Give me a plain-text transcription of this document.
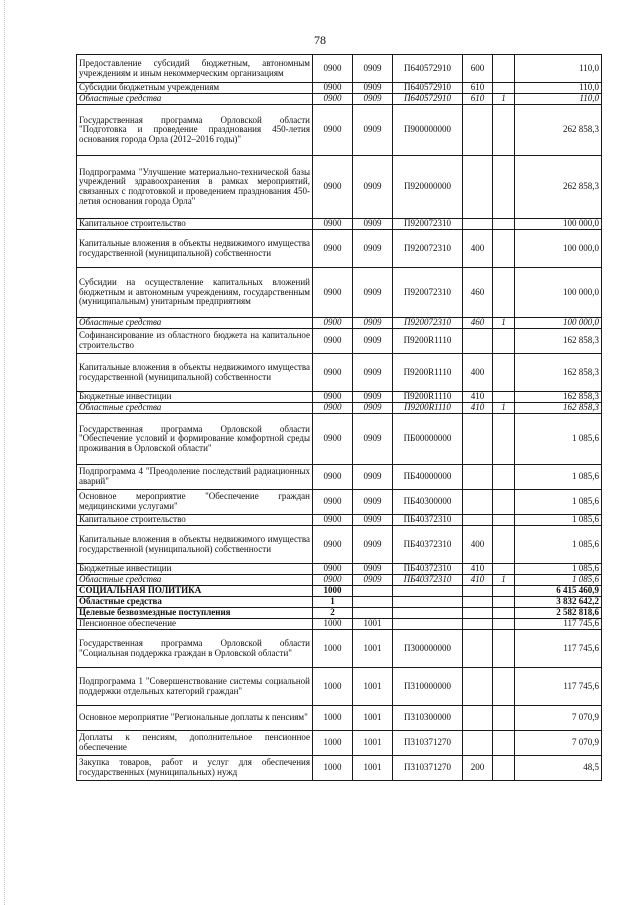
78
Предоставление субсидий бюджетным, автономным учреждениям и иным некоммерческим организациям	0900	0909	П640572910	600		110,0
Субсидии бюджетным учреждениям	0900	0909	П640572910	610		110,0
Областные средства	0900	0909	П640572910	610	1	110,0
Государственная программа Орловской области "Подготовка и проведение празднования 450-летия основания города Орла (2012–2016 годы)"	0900	0909	П900000000			262 858,3
Подпрограмма "Улучшение материально-технической базы учреждений здравоохранения в рамках мероприятий, связанных с подготовкой и проведением празднования 450-летия основания города Орла"	0900	0909	П920000000			262 858,3
Капитальное строительство	0900	0909	П920072310			100 000,0
Капитальные вложения в объекты недвижимого имущества государственной (муниципальной) собственности	0900	0909	П920072310	400		100 000,0
Субсидии на осуществление капитальных вложений бюджетным и автономным учреждениям, государственным (муниципальным) унитарным предприятиям	0900	0909	П920072310	460		100 000,0
Областные средства	0900	0909	П920072310	460	1	100 000,0
Софинансирование из областного бюджета на капитальное строительство	0900	0909	П9200R1110			162 858,3
Капитальные вложения в объекты недвижимого имущества государственной (муниципальной) собственности	0900	0909	П9200R1110	400		162 858,3
Бюджетные инвестиции	0900	0909	П9200R1110	410		162 858,3
Областные средства	0900	0909	П9200R1110	410	1	162 858,3
Государственная программа Орловской области "Обеспечение условий и формирование комфортной среды проживания в Орловской области"	0900	0909	ПБ00000000			1 085,6
Подпрограмма 4 "Преодоление последствий радиационных аварий"	0900	0909	ПБ40000000			1 085,6
Основное мероприятие "Обеспечение граждан медицинскими услугами"	0900	0909	ПБ40300000			1 085,6
Капитальное строительство	0900	0909	ПБ40372310			1 085,6
Капитальные вложения в объекты недвижимого имущества государственной (муниципальной) собственности	0900	0909	ПБ40372310	400		1 085,6
Бюджетные инвестиции	0900	0909	ПБ40372310	410		1 085,6
Областные средства	0900	0909	ПБ40372310	410	1	1 085,6
СОЦИАЛЬНАЯ ПОЛИТИКА	1000					6 415 460,9
Областные средства	1					3 832 642,2
Целевые безвозмездные поступления	2					2 582 818,6
Пенсионное обеспечение	1000	1001				117 745,6
Государственная программа Орловской области "Социальная поддержка граждан в Орловской области"	1000	1001	П300000000			117 745,6
Подпрограмма 1 "Совершенствование системы социальной поддержки отдельных категорий граждан"	1000	1001	П310000000			117 745,6
Основное мероприятие "Региональные доплаты к пенсиям"	1000	1001	П310300000			7 070,9
Доплаты к пенсиям, дополнительное пенсионное обеспечение	1000	1001	П310371270			7 070,9
Закупка товаров, работ и услуг для обеспечения государственных (муниципальных) нужд	1000	1001	П310371270	200		48,5
